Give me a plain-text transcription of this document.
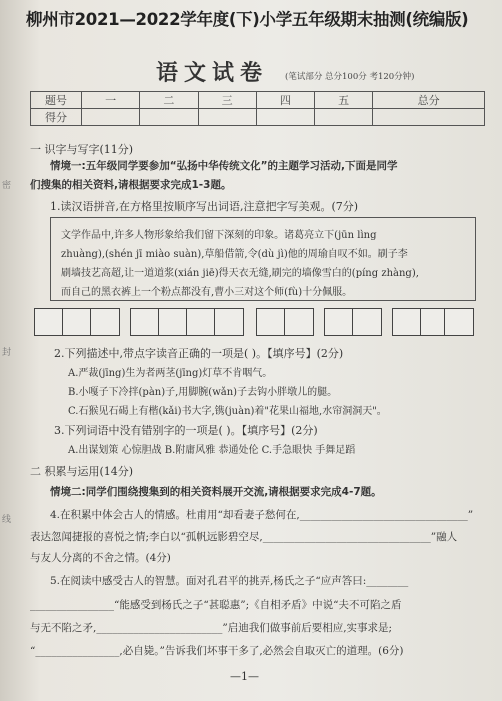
密
封
线
柳州市2021—2022学年度(下)小学五年级期末抽测(统编版)
语文试卷 (笔试部分 总分100分 考120分钟)
题号	一	二	三	四	五	总分
得分						
一 识字与写字(11分)
情境一:五年级同学要参加“弘扬中华传统文化”的主题学习活动,下面是同学
们搜集的相关资料,请根据要求完成1-3题。
1.读汉语拼音,在方格里按顺序写出词语,注意把字写美观。(7分)
文学作品中,许多人物形象给我们留下深刻的印象。诸葛亮立下(jūn lìng
zhuàng),(shén jī miào suàn),草船借箭,令(dù jì)他的周瑜自叹不如。刷子李
刷墙技艺高超,让一道道浆(xián jiē)得天衣无缝,刷完的墙像雪白的(píng zhàng),
而自己的黑衣裤上一个粉点都没有,曹小三对这个师(fù)十分佩服。
2.下列描述中,带点字读音正确的一项是( )。【填序号】(2分)
A.严裁(jīng)生为者两茎(jīng)灯草不肯咽气。
B.小嘎子下冷拌(pàn)子,用脚腕(wǎn)子去钩小胖墩儿的腿。
C.石猴见石碣上有楷(kǎi)书大字,镌(juàn)着"花果山福地,水帘洞洞天"。
3.下列词语中没有错别字的一项是( )。【填序号】(2分)
A.出谋划策 心惊胆战 B.附庸风雅 恭通处伦 C.手急眼快 手舞足蹈
二 积累与运用(14分)
情境二:同学们围绕搜集到的相关资料展开交流,请根据要求完成4-7题。
4.在积累中体会古人的情感。杜甫用“却看妻子愁何在,________________________________”
表达忽闻捷报的喜悦之情;李白以“孤帆远影碧空尽,________________________________”融人
与友人分离的不舍之情。(4分)
5.在阅读中感受古人的智慧。面对孔君平的挑弄,杨氏之子“应声答曰:________
________________“能感受到杨氏之子“甚聪惠”;《自相矛盾》中说“夫不可陷之盾
与无不陷之矛,________________________”启迪我们做事前后要相应,实事求是;
“________________,必自毙。”告诉我们坏事干多了,必然会自取灭亡的道理。(6分)
—1—
